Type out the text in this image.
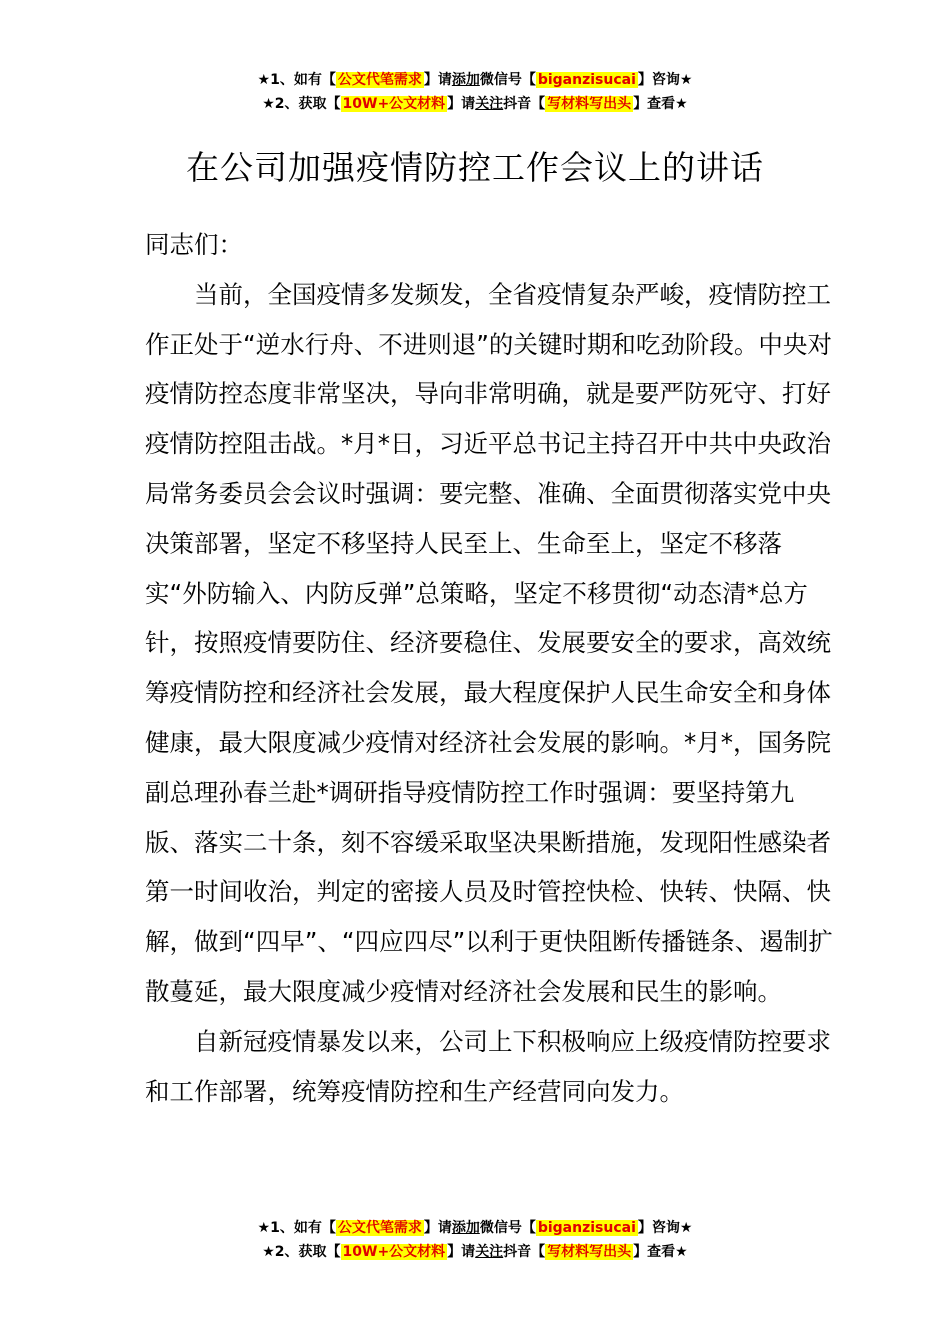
★1、如有【 公文代笔需求 】请添加微信号【 biganzisucai 】咨询★
★2、获取【 10W+公文材料 】请关注抖音【 写材料写出头 】查看★
在公司加强疫情防控工作会议上的讲话

同志们：

当前，全国疫情多发频发，全省疫情复杂严峻，疫情防控工作正处于“逆水行舟、不进则退”的关键时期和吃劲阶段。中央对疫情防控态度非常坚决，导向非常明确，就是要严防死守、打好疫情防控阻击战。*月*日，习近平总书记主持召开中共中央政治局常务委员会会议时强调：要完整、准确、全面贯彻落实党中央决策部署，坚定不移坚持人民至上、生命至上，坚定不移落实“外防输入、内防反弹”总策略，坚定不移贯彻“动态清*总方针，按照疫情要防住、经济要稳住、发展要安全的要求，高效统筹疫情防控和经济社会发展，最大程度保护人民生命安全和身体健康，最大限度减少疫情对经济社会发展的影响。*月*，国务院副总理孙春兰赴*调研指导疫情防控工作时强调：要坚持第九版、落实二十条，刻不容缓采取坚决果断措施，发现阳性感染者第一时间收治，判定的密接人员及时管控快检、快转、快隔、快解，做到“四早”、“四应四尽”以利于更快阻断传播链条、遏制扩散蔓延，最大限度减少疫情对经济社会发展和民生的影响。

自新冠疫情暴发以来，公司上下积极响应上级疫情防控要求和工作部署，统筹疫情防控和生产经营同向发力。

★1、如有【 公文代笔需求 】请添加微信号【 biganzisucai 】咨询★
★2、获取【 10W+公文材料 】请关注抖音【 写材料写出头 】查看★
